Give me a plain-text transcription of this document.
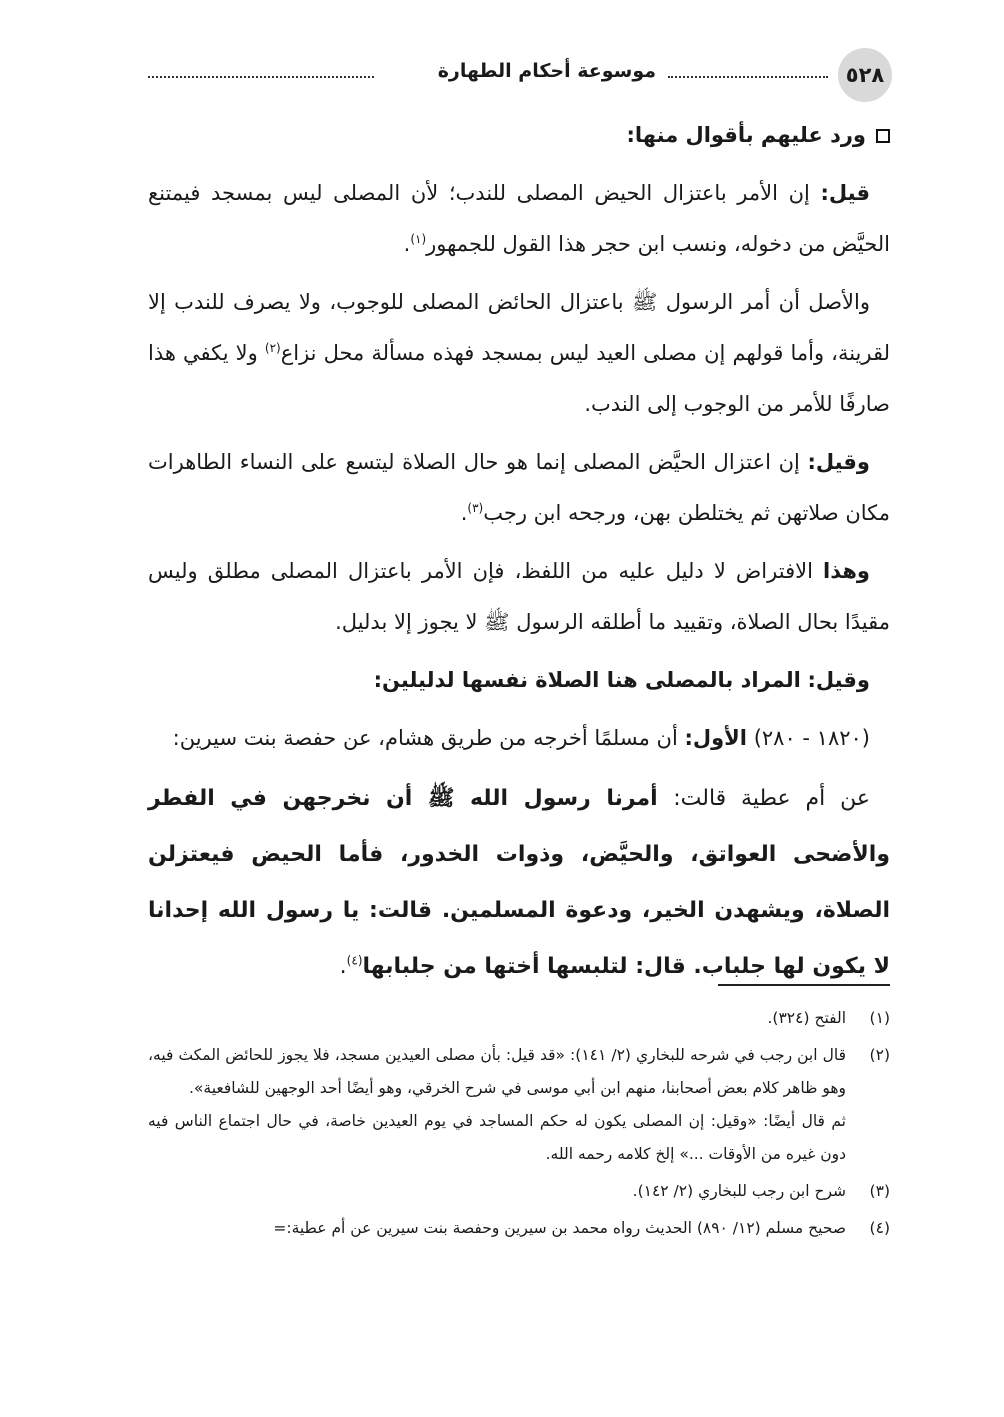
٥٢٨
موسوعة أحكام الطهارة

ورد عليهم بأقوال منها:

قيل: إن الأمر باعتزال الحيض المصلى للندب؛ لأن المصلى ليس بمسجد فيمتنع الحيَّض من دخوله، ونسب ابن حجر هذا القول للجمهور$^{(١)}$.

والأصل أن أمر الرسول ﷺ باعتزال الحائض المصلى للوجوب، ولا يصرف للندب إلا لقرينة، وأما قولهم إن مصلى العيد ليس بمسجد فهذه مسألة محل نزاع$^{(٢)}$ ولا يكفي هذا صارفًا للأمر من الوجوب إلى الندب.

وقيل: إن اعتزال الحيَّض المصلى إنما هو حال الصلاة ليتسع على النساء الطاهرات مكان صلاتهن ثم يختلطن بهن، ورجحه ابن رجب$^{(٣)}$.

وهذا الافتراض لا دليل عليه من اللفظ، فإن الأمر باعتزال المصلى مطلق وليس مقيدًا بحال الصلاة، وتقييد ما أطلقه الرسول ﷺ لا يجوز إلا بدليل.

وقيل: المراد بالمصلى هنا الصلاة نفسها لدليلين:

(١٨٢٠ - ٢٨٠) الأول: أن مسلمًا أخرجه من طريق هشام، عن حفصة بنت سيرين:

عن أم عطية قالت: أمرنا رسول الله ﷺ أن نخرجهن في الفطر والأضحى العواتق، والحيَّض، وذوات الخدور، فأما الحيض فيعتزلن الصلاة، ويشهدن الخير، ودعوة المسلمين. قالت: يا رسول الله إحدانا لا يكون لها جلباب. قال: لتلبسها أختها من جلبابها$^{(٤)}$.

(١)

الفتح (٣٢٤).

(٢)

قال ابن رجب في شرحه للبخاري (٢/ ١٤١): «قد قيل: بأن مصلى العيدين مسجد، فلا يجوز للحائض المكث فيه، وهو ظاهر كلام بعض أصحابنا، منهم ابن أبي موسى في شرح الخرقي، وهو أيضًا أحد الوجهين للشافعية».

ثم قال أيضًا: «وقيل: إن المصلى يكون له حكم المساجد في يوم العيدين خاصة، في حال اجتماع الناس فيه دون غيره من الأوقات ...» إلخ كلامه رحمه الله.

(٣)

شرح ابن رجب للبخاري (٢/ ١٤٢).

(٤)

صحيح مسلم (١٢/ ٨٩٠) الحديث رواه محمد بن سيرين وحفصة بنت سيرين عن أم عطية:=
